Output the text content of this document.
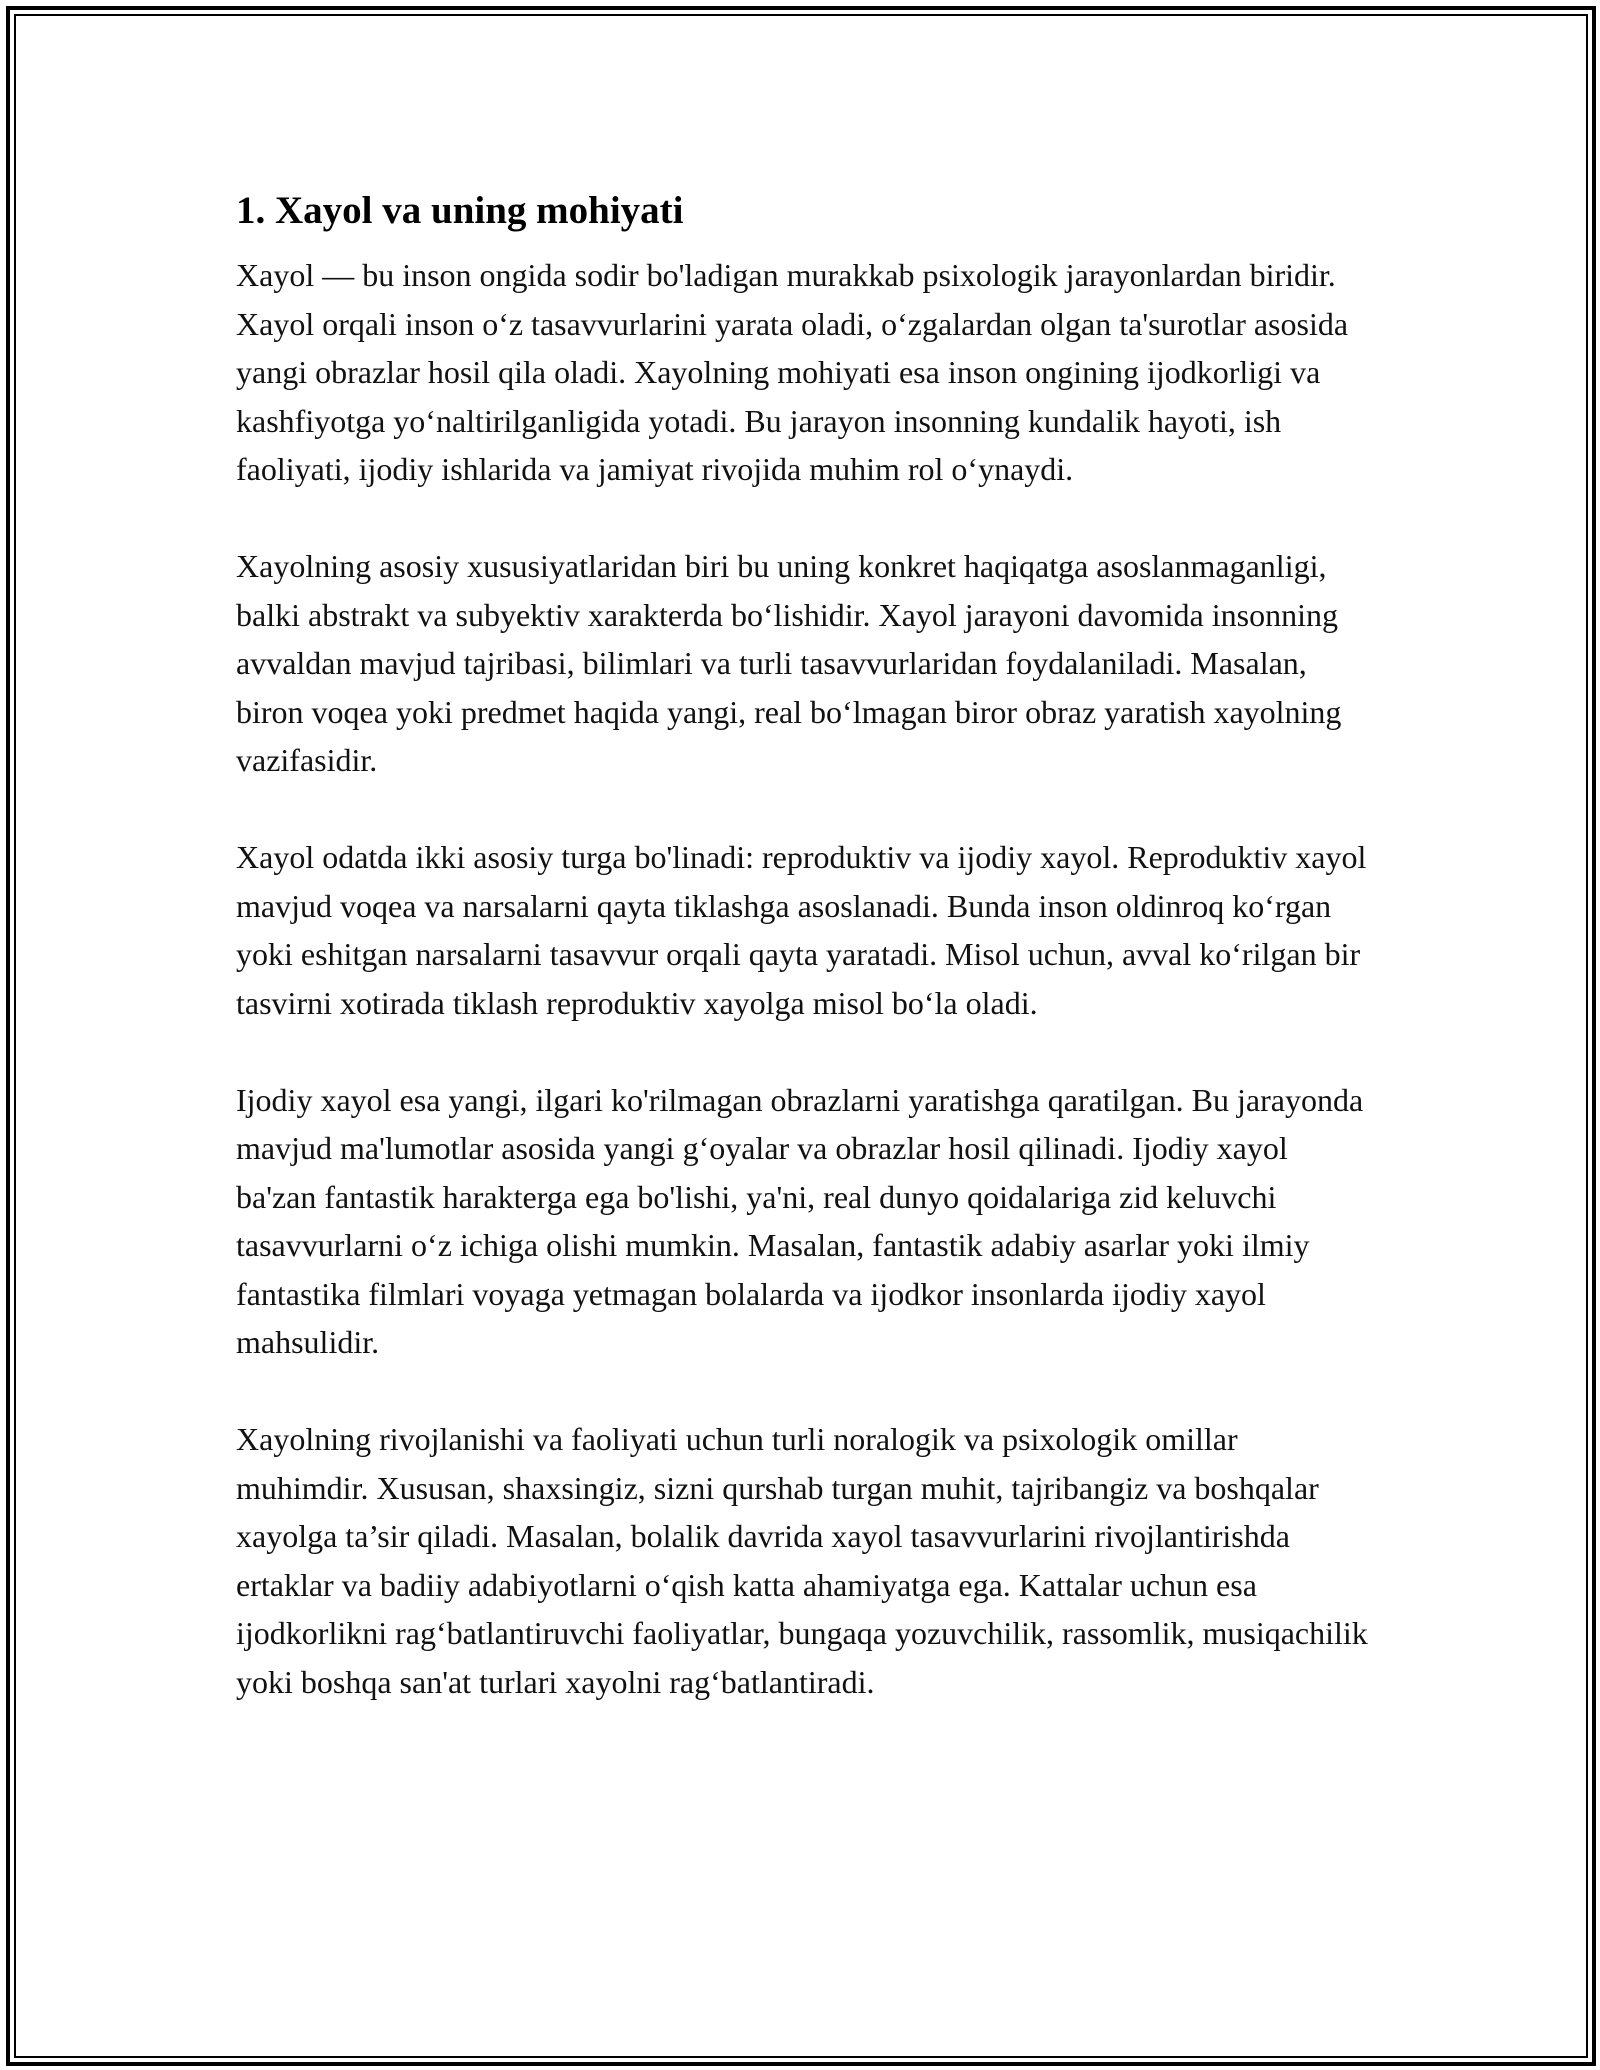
1. Xayol va uning mohiyati

Xayol — bu inson ongida sodir bo'ladigan murakkab psixologik jarayonlardan biridir. Xayol orqali inson o‘z tasavvurlarini yarata oladi, o‘zgalardan olgan ta'surotlar asosida yangi obrazlar hosil qila oladi. Xayolning mohiyati esa inson ongining ijodkorligi va kashfiyotga yo‘naltirilganligida yotadi. Bu jarayon insonning kundalik hayoti, ish faoliyati, ijodiy ishlarida va jamiyat rivojida muhim rol o‘ynaydi.

Xayolning asosiy xususiyatlaridan biri bu uning konkret haqiqatga asoslanmaganligi, balki abstrakt va subyektiv xarakterda bo‘lishidir. Xayol jarayoni davomida insonning avvaldan mavjud tajribasi, bilimlari va turli tasavvurlaridan foydalaniladi. Masalan, biron voqea yoki predmet haqida yangi, real bo‘lmagan biror obraz yaratish xayolning vazifasidir.

Xayol odatda ikki asosiy turga bo'linadi: reproduktiv va ijodiy xayol. Reproduktiv xayol mavjud voqea va narsalarni qayta tiklashga asoslanadi. Bunda inson oldinroq ko‘rgan yoki eshitgan narsalarni tasavvur orqali qayta yaratadi. Misol uchun, avval ko‘rilgan bir tasvirni xotirada tiklash reproduktiv xayolga misol bo‘la oladi.

Ijodiy xayol esa yangi, ilgari ko'rilmagan obrazlarni yaratishga qaratilgan. Bu jarayonda mavjud ma'lumotlar asosida yangi g‘oyalar va obrazlar hosil qilinadi. Ijodiy xayol ba'zan fantastik harakterga ega bo'lishi, ya'ni, real dunyo qoidalariga zid keluvchi tasavvurlarni o‘z ichiga olishi mumkin. Masalan, fantastik adabiy asarlar yoki ilmiy fantastika filmlari voyaga yetmagan bolalarda va ijodkor insonlarda ijodiy xayol mahsulidir.

Xayolning rivojlanishi va faoliyati uchun turli noralogik va psixologik omillar muhimdir. Xususan, shaxsingiz, sizni qurshab turgan muhit, tajribangiz va boshqalar xayolga ta’sir qiladi. Masalan, bolalik davrida xayol tasavvurlarini rivojlantirishda ertaklar va badiiy adabiyotlarni o‘qish katta ahamiyatga ega. Kattalar uchun esa ijodkorlikni rag‘batlantiruvchi faoliyatlar, bungaqa yozuvchilik, rassomlik, musiqachilik yoki boshqa san'at turlari xayolni rag‘batlantiradi.
